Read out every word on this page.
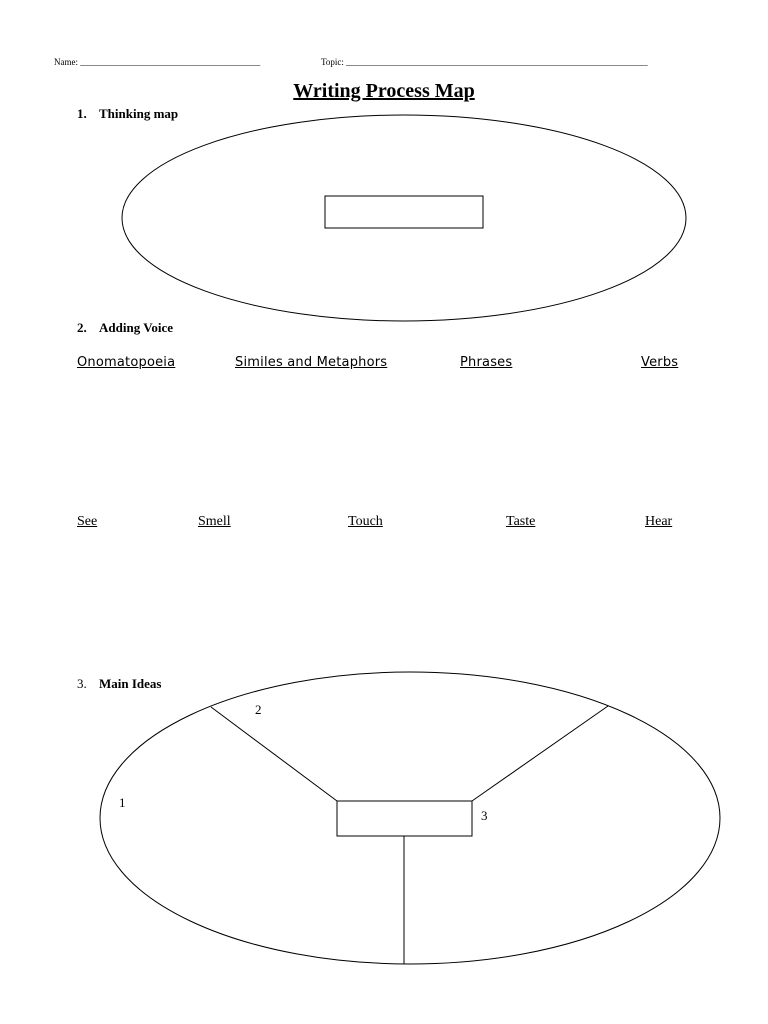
Name: ________________________________________	Topic: ___________________________________________________________________
Writing Process Map
1. Thinking map
2. Adding Voice
Onomatopoeia	Similes and Metaphors	Phrases	Verbs
See	Smell	Touch	Taste	Hear
3. Main Ideas
1
2
3
